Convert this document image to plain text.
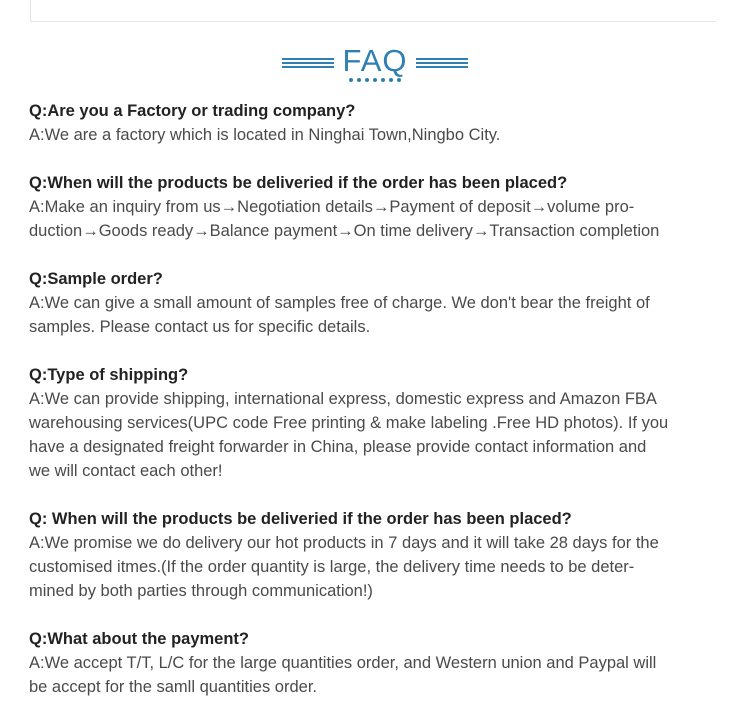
FAQ
Q:Are you a Factory or trading company?
A:We are a factory which is located in Ninghai Town,Ningbo City.
Q:When will the products be deliveried if the order has been placed?
A:Make an inquiry from us→Negotiation details→Payment of deposit→volume pro-
duction→Goods ready→Balance payment→On time delivery→Transaction completion
Q:Sample order?
A:We can give a small amount of samples free of charge. We don't bear the freight of
samples. Please contact us for specific details.
Q:Type of shipping?
A:We can provide shipping, international express, domestic express and Amazon FBA
warehousing services(UPC code Free printing & make labeling .Free HD photos). If you
have a designated freight forwarder in China, please provide contact information and
we will contact each other!
Q: When will the products be deliveried if the order has been placed?
A:We promise we do delivery our hot products in 7 days and it will take 28 days for the
customised itmes.(If the order quantity is large, the delivery time needs to be deter-
mined by both parties through communication!)
Q:What about the payment?
A:We accept T/T, L/C for the large quantities order, and Western union and Paypal will
be accept for the samll quantities order.
